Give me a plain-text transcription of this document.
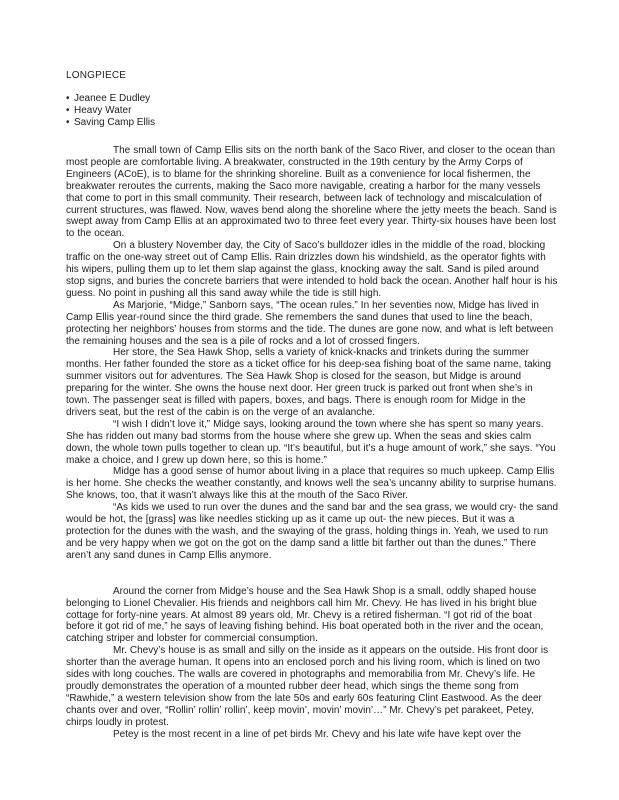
LONGPIECE
• Jeanee E Dudley
• Heavy Water
• Saving Camp Ellis

The small town of Camp Ellis sits on the north bank of the Saco River, and closer to the ocean than most people are comfortable living. A breakwater, constructed in the 19th century by the Army Corps of Engineers (ACoE), is to blame for the shrinking shoreline. Built as a convenience for local fishermen, the breakwater reroutes the currents, making the Saco more navigable, creating a harbor for the many vessels that come to port in this small community. Their research, between lack of technology and miscalculation of current structures, was flawed. Now, waves bend along the shoreline where the jetty meets the beach. Sand is swept away from Camp Ellis at an approximated two to three feet every year. Thirty-six houses have been lost to the ocean.

On a blustery November day, the City of Saco’s bulldozer idles in the middle of the road, blocking traffic on the one-way street out of Camp Ellis. Rain drizzles down his windshield, as the operator fights with his wipers, pulling them up to let them slap against the glass, knocking away the salt. Sand is piled around stop signs, and buries the concrete barriers that were intended to hold back the ocean. Another half hour is his guess. No point in pushing all this sand away while the tide is still high.

As Marjorie, “Midge,” Sanborn says, “The ocean rules.” In her seventies now, Midge has lived in Camp Ellis year-round since the third grade. She remembers the sand dunes that used to line the beach, protecting her neighbors’ houses from storms and the tide. The dunes are gone now, and what is left between the remaining houses and the sea is a pile of rocks and a lot of crossed fingers.

Her store, the Sea Hawk Shop, sells a variety of knick-knacks and trinkets during the summer months. Her father founded the store as a ticket office for his deep-sea fishing boat of the same name, taking summer visitors out for adventures. The Sea Hawk Shop is closed for the season, but Midge is around preparing for the winter. She owns the house next door. Her green truck is parked out front when she’s in town. The passenger seat is filled with papers, boxes, and bags. There is enough room for Midge in the drivers seat, but the rest of the cabin is on the verge of an avalanche.

“I wish I didn’t love it,” Midge says, looking around the town where she has spent so many years. She has ridden out many bad storms from the house where she grew up. When the seas and skies calm down, the whole town pulls together to clean up. “It’s beautiful, but it’s a huge amount of work,” she says. “You make a choice, and I grew up down here, so this is home.”

Midge has a good sense of humor about living in a place that requires so much upkeep. Camp Ellis is her home. She checks the weather constantly, and knows well the sea’s uncanny ability to surprise humans. She knows, too, that it wasn’t always like this at the mouth of the Saco River.

“As kids we used to run over the dunes and the sand bar and the sea grass, we would cry- the sand would be hot, the [grass] was like needles sticking up as it came up out- the new pieces. But it was a protection for the dunes with the wash, and the swaying of the grass, holding things in. Yeah, we used to run and be very happy when we got on the got on the damp sand a little bit farther out than the dunes.” There aren’t any sand dunes in Camp Ellis anymore.

Around the corner from Midge’s house and the Sea Hawk Shop is a small, oddly shaped house belonging to Lionel Chevalier. His friends and neighbors call him Mr. Chevy. He has lived in his bright blue cottage for forty-nine years. At almost 89 years old, Mr. Chevy is a retired fisherman. “I got rid of the boat before it got rid of me,” he says of leaving fishing behind. His boat operated both in the river and the ocean, catching striper and lobster for commercial consumption.

Mr. Chevy’s house is as small and silly on the inside as it appears on the outside. His front door is shorter than the average human. It opens into an enclosed porch and his living room, which is lined on two sides with long couches. The walls are covered in photographs and memorabilia from Mr. Chevy’s life. He proudly demonstrates the operation of a mounted rubber deer head, which sings the theme song from “Rawhide,” a western television show from the late 50s and early 60s featuring Clint Eastwood. As the deer chants over and over, “Rollin’ rollin’ rollin’, keep movin’, movin’ movin’…” Mr. Chevy’s pet parakeet, Petey, chirps loudly in protest.

Petey is the most recent in a line of pet birds Mr. Chevy and his late wife have kept over the
